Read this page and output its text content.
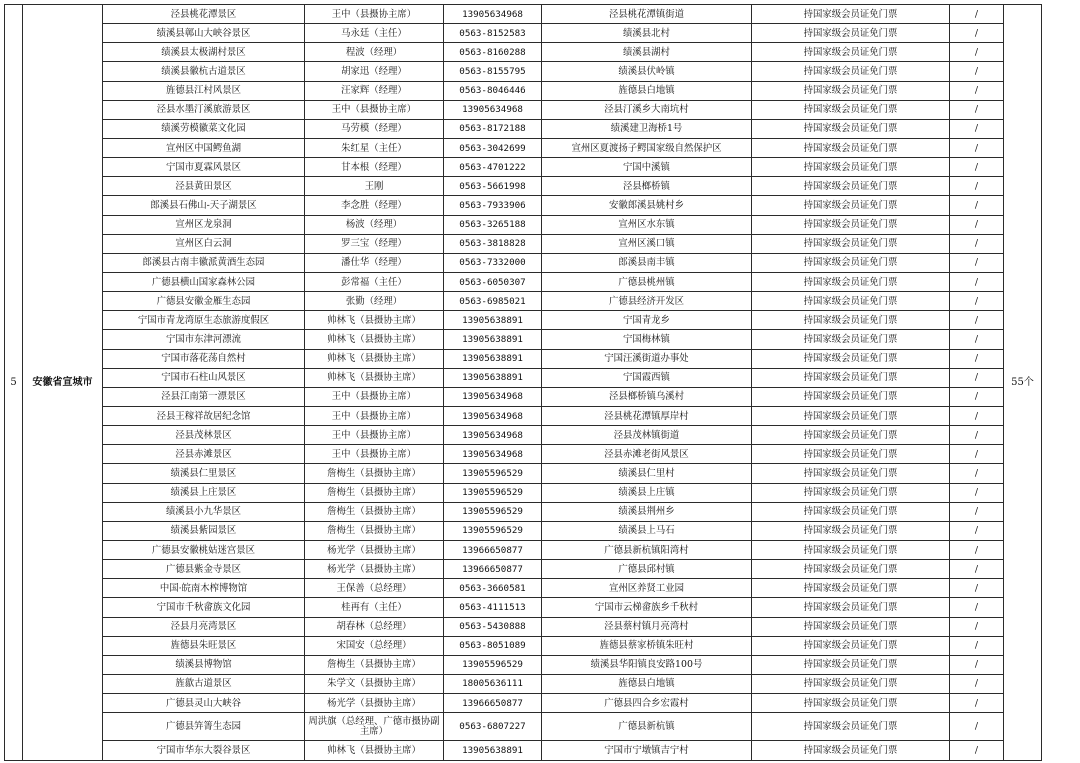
5	安徽省宣城市	泾县桃花潭景区	王中（县摄协主席）	13905634968	泾县桃花潭镇街道	持国家级会员证免门票	/	55个
		绩溪县鄣山大峡谷景区	马永廷（主任）	0563-8152583	绩溪县北村	持国家级会员证免门票	/	
		绩溪县太极湖村景区	程波（经理）	0563-8160288	绩溪县湖村	持国家级会员证免门票	/	
		绩溪县徽杭古道景区	胡家迅（经理）	0563-8155795	绩溪县伏岭镇	持国家级会员证免门票	/	
		旌德县江村风景区	汪家辉（经理）	0563-8046446	旌德县白地镇	持国家级会员证免门票	/	
		泾县水墨汀溪旅游景区	王中（县摄协主席）	13905634968	泾县汀溪乡大南坑村	持国家级会员证免门票	/	
		绩溪劳模徽菜文化园	马劳模（经理）	0563-8172188	绩溪建卫海桥1号	持国家级会员证免门票	/	
		宣州区中国鳄鱼湖	朱红星（主任）	0563-3042699	宣州区夏渡扬子鳄国家级自然保护区	持国家级会员证免门票	/	
		宁国市夏霖风景区	甘本根（经理）	0563-4701222	宁国中溪镇	持国家级会员证免门票	/	
		泾县黄田景区	王刚	0563-5661998	泾县榔桥镇	持国家级会员证免门票	/	
		郎溪县石佛山-天子湖景区	李念胜（经理）	0563-7933906	安徽郎溪县姚村乡	持国家级会员证免门票	/	
		宣州区龙泉洞	杨波（经理）	0563-3265188	宣州区水东镇	持国家级会员证免门票	/	
		宣州区白云洞	罗三宝（经理）	0563-3818828	宣州区溪口镇	持国家级会员证免门票	/	
		郎溪县古南丰徽派黄酒生态园	潘仕华（经理）	0563-7332000	郎溪县南丰镇	持国家级会员证免门票	/	
		广德县横山国家森林公园	彭常福（主任）	0563-6050307	广德县桃州镇	持国家级会员证免门票	/	
		广德县安徽金雁生态园	张勤（经理）	0563-6985021	广德县经济开发区	持国家级会员证免门票	/	
		宁国市青龙湾原生态旅游度假区	帅林飞（县摄协主席）	13905638891	宁国青龙乡	持国家级会员证免门票	/	
		宁国市东津河漂流	帅林飞（县摄协主席）	13905638891	宁国梅林镇	持国家级会员证免门票	/	
		宁国市落花荡自然村	帅林飞（县摄协主席）	13905638891	宁国汪溪街道办事处	持国家级会员证免门票	/	
		宁国市石柱山风景区	帅林飞（县摄协主席）	13905638891	宁国霞西镇	持国家级会员证免门票	/	
		泾县江南第一漂景区	王中（县摄协主席）	13905634968	泾县榔桥镇乌溪村	持国家级会员证免门票	/	
		泾县王稼祥故居纪念馆	王中（县摄协主席）	13905634968	泾县桃花潭镇厚岸村	持国家级会员证免门票	/	
		泾县茂林景区	王中（县摄协主席）	13905634968	泾县茂林镇街道	持国家级会员证免门票	/	
		泾县赤滩景区	王中（县摄协主席）	13905634968	泾县赤滩老街风景区	持国家级会员证免门票	/	
		绩溪县仁里景区	詹梅生（县摄协主席）	13905596529	绩溪县仁里村	持国家级会员证免门票	/	
		绩溪县上庄景区	詹梅生（县摄协主席）	13905596529	绩溪县上庄镇	持国家级会员证免门票	/	
		绩溪县小九华景区	詹梅生（县摄协主席）	13905596529	绩溪县荆州乡	持国家级会员证免门票	/	
		绩溪县紫园景区	詹梅生（县摄协主席）	13905596529	绩溪县上马石	持国家级会员证免门票	/	
		广德县安徽桃姑迷宫景区	杨光学（县摄协主席）	13966650877	广德县新杭镇阳湾村	持国家级会员证免门票	/	
		广德县紫金寺景区	杨光学（县摄协主席）	13966650877	广德县邱村镇	持国家级会员证免门票	/	
		中国·皖南木榨博物馆	王保善（总经理）	0563-3660581	宣州区养贤工业园	持国家级会员证免门票	/	
		宁国市千秋畲族文化园	桂再有（主任）	0563-4111513	宁国市云梯畲族乡千秋村	持国家级会员证免门票	/	
		泾县月亮湾景区	胡春林（总经理）	0563-5430888	泾县蔡村镇月亮湾村	持国家级会员证免门票	/	
		旌德县朱旺景区	宋国安（总经理）	0563-8051089	旌德县蔡家桥镇朱旺村	持国家级会员证免门票	/	
		绩溪县博物馆	詹梅生（县摄协主席）	13905596529	绩溪县华阳镇良安路100号	持国家级会员证免门票	/	
		旌歙古道景区	朱学文（县摄协主席）	18005636111	旌德县白地镇	持国家级会员证免门票	/	
		广德县灵山大峡谷	杨光学（县摄协主席）	13966650877	广德县四合乡宏霞村	持国家级会员证免门票	/	
		广德县笄箐生态园	周洪旗（总经理、广德市摄协副主席）	0563-6807227	广德县新杭镇	持国家级会员证免门票	/	
		宁国市华东大裂谷景区	帅林飞（县摄协主席）	13905638891	宁国市宁墩镇吉宁村	持国家级会员证免门票	/	
